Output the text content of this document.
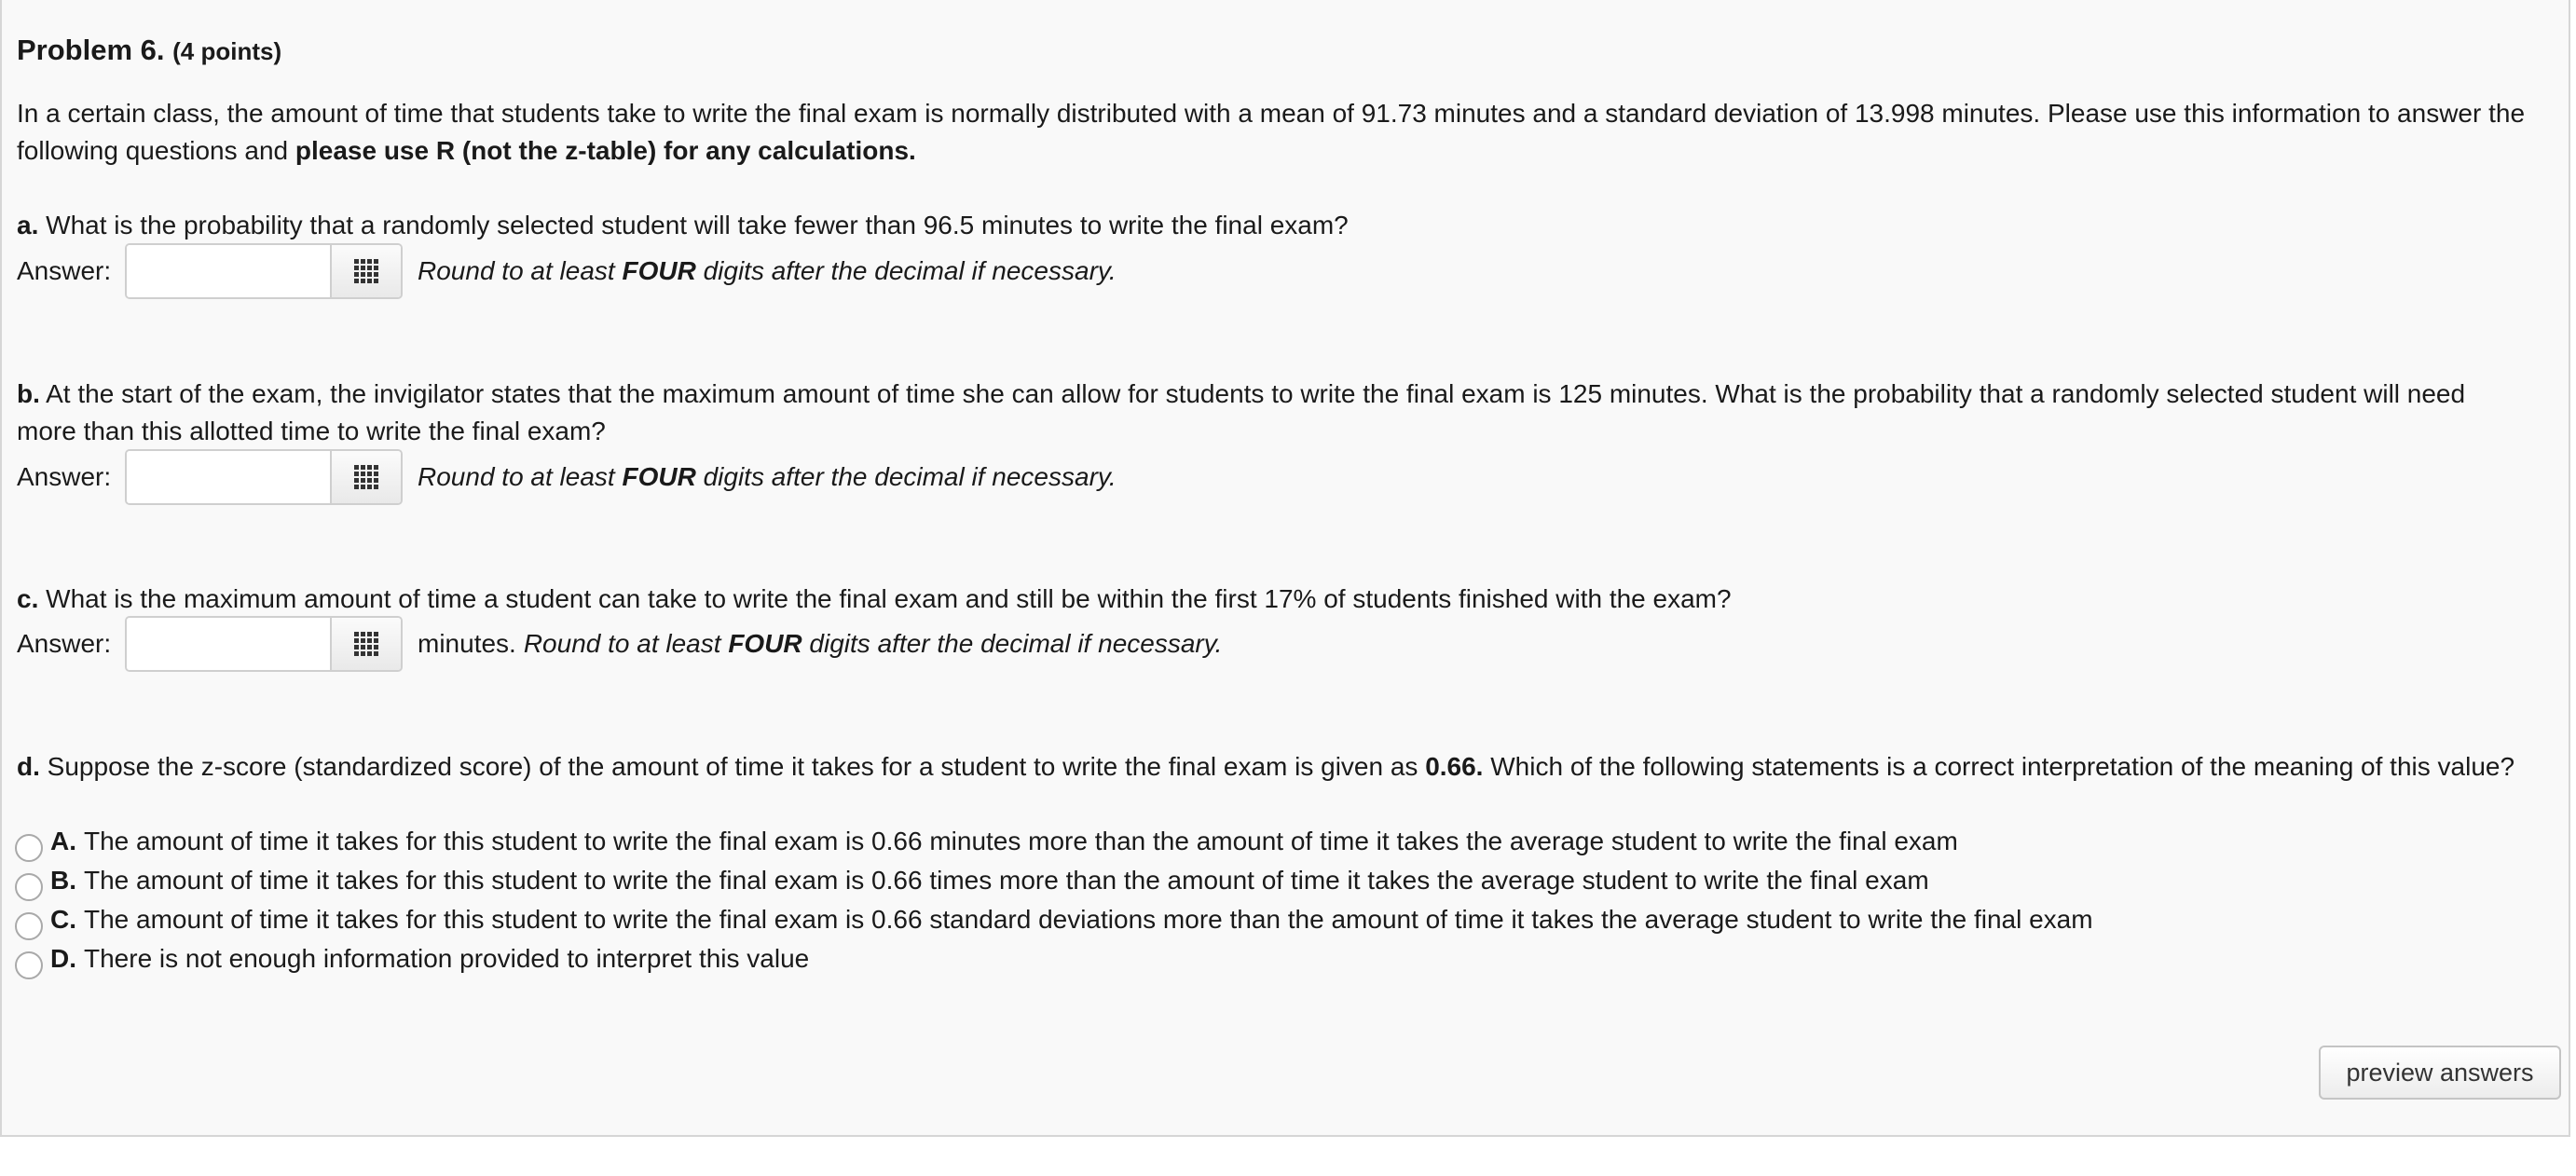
Problem 6. (4 points)
In a certain class, the amount of time that students take to write the final exam is normally distributed with a mean of 91.73 minutes and a standard deviation of 13.998 minutes. Please use this information to answer the
following questions and please use R (not the z-table) for any calculations.
a. What is the probability that a randomly selected student will take fewer than 96.5 minutes to write the final exam?
Answer:	Round to at least FOUR digits after the decimal if necessary.
b. At the start of the exam, the invigilator states that the maximum amount of time she can allow for students to write the final exam is 125 minutes. What is the probability that a randomly selected student will need
more than this allotted time to write the final exam?
Answer:	Round to at least FOUR digits after the decimal if necessary.
c. What is the maximum amount of time a student can take to write the final exam and still be within the first 17% of students finished with the exam?
Answer:	minutes. Round to at least FOUR digits after the decimal if necessary.
d. Suppose the z-score (standardized score) of the amount of time it takes for a student to write the final exam is given as 0.66. Which of the following statements is a correct interpretation of the meaning of this value?
A. The amount of time it takes for this student to write the final exam is 0.66 minutes more than the amount of time it takes the average student to write the final exam
B. The amount of time it takes for this student to write the final exam is 0.66 times more than the amount of time it takes the average student to write the final exam
C. The amount of time it takes for this student to write the final exam is 0.66 standard deviations more than the amount of time it takes the average student to write the final exam
D. There is not enough information provided to interpret this value
preview answers
